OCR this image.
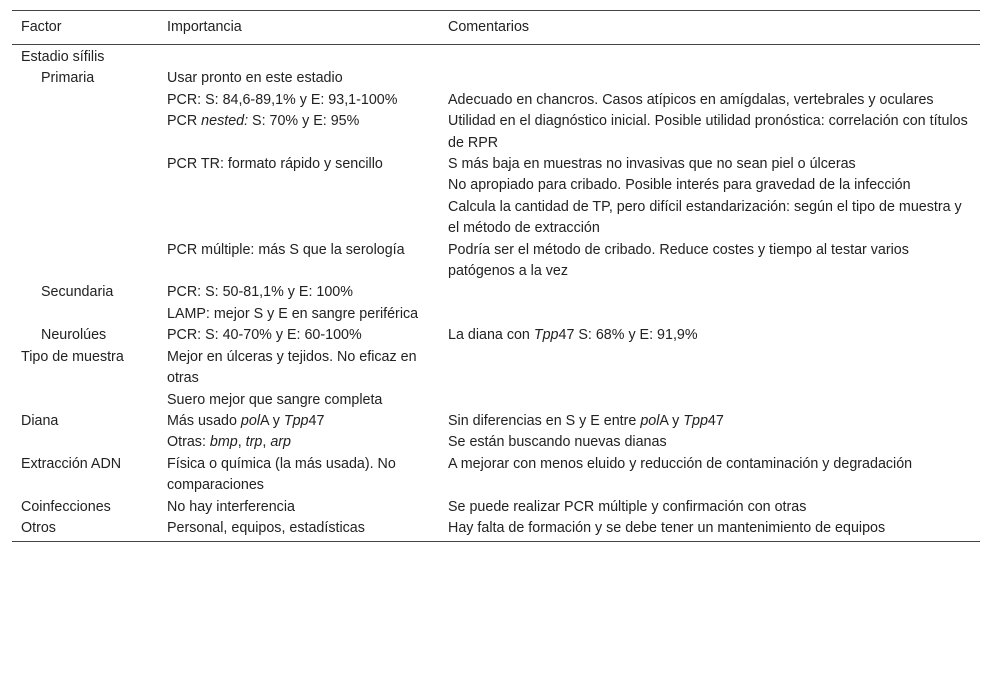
Factor	Importancia	Comentarios
Estadio sífilis		
Primaria	Usar pronto en este estadio	
	PCR: S: 84,6-89,1% y E: 93,1-100%	Adecuado en chancros. Casos atípicos en amígdalas, vertebrales y oculares
	PCR nested: S: 70% y E: 95%	Utilidad en el diagnóstico inicial. Posible utilidad pronóstica: correlación con títulos de RPR
	PCR TR: formato rápido y sencillo	S más baja en muestras no invasivas que no sean piel o úlceras
		No apropiado para cribado. Posible interés para gravedad de la infección
		Calcula la cantidad de TP, pero difícil estandarización: según el tipo de muestra y el método de extracción
	PCR múltiple: más S que la serología	Podría ser el método de cribado. Reduce costes y tiempo al testar varios patógenos a la vez
Secundaria	PCR: S: 50-81,1% y E: 100%	
	LAMP: mejor S y E en sangre periférica	
Neurolúes	PCR: S: 40-70% y E: 60-100%	La diana con Tpp47 S: 68% y E: 91,9%
Tipo de muestra	Mejor en úlceras y tejidos. No eficaz en otras	
	Suero mejor que sangre completa	
Diana	Más usado polA y Tpp47	Sin diferencias en S y E entre polA y Tpp47
	Otras: bmp, trp, arp	Se están buscando nuevas dianas
Extracción ADN	Física o química (la más usada). No comparaciones	A mejorar con menos eluido y reducción de contaminación y degradación
Coinfecciones	No hay interferencia	Se puede realizar PCR múltiple y confirmación con otras
Otros	Personal, equipos, estadísticas	Hay falta de formación y se debe tener un mantenimiento de equipos
